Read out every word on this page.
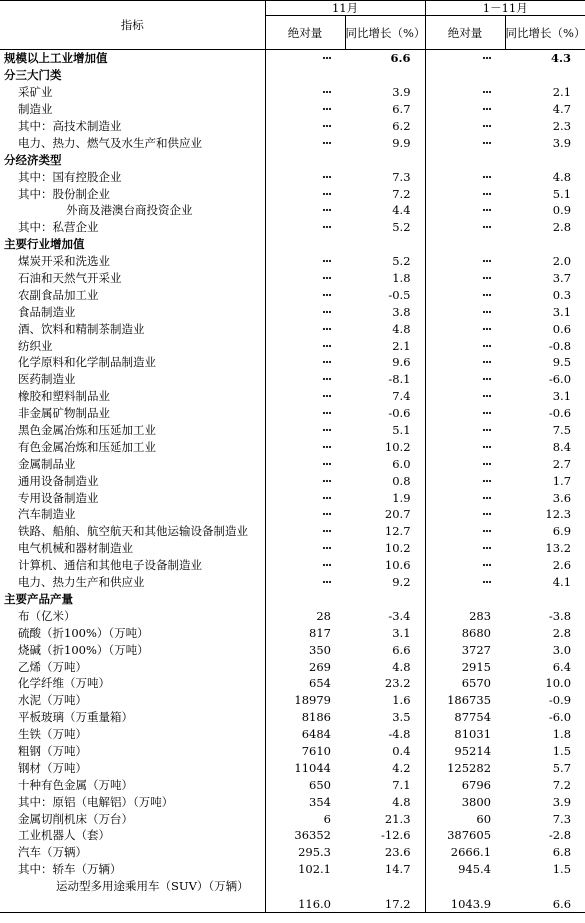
指标	11月		1－11月	
	绝对量	同比增长（%）	绝对量	同比增长（%）
规模以上工业增加值	···	6.6	···	4.3
分三大门类				
采矿业	···	3.9	···	2.1
制造业	···	6.7	···	4.7
其中：高技术制造业	···	6.2	···	2.3
电力、热力、燃气及水生产和供应业	···	9.9	···	3.9
分经济类型				
其中：国有控股企业	···	7.3	···	4.8
其中：股份制企业	···	7.2	···	5.1
外商及港澳台商投资企业	···	4.4	···	0.9
其中：私营企业	···	5.2	···	2.8
主要行业增加值				
煤炭开采和洗选业	···	5.2	···	2.0
石油和天然气开采业	···	1.8	···	3.7
农副食品加工业	···	-0.5	···	0.3
食品制造业	···	3.8	···	3.1
酒、饮料和精制茶制造业	···	4.8	···	0.6
纺织业	···	2.1	···	-0.8
化学原料和化学制品制造业	···	9.6	···	9.5
医药制造业	···	-8.1	···	-6.0
橡胶和塑料制品业	···	7.4	···	3.1
非金属矿物制品业	···	-0.6	···	-0.6
黑色金属冶炼和压延加工业	···	5.1	···	7.5
有色金属冶炼和压延加工业	···	10.2	···	8.4
金属制品业	···	6.0	···	2.7
通用设备制造业	···	0.8	···	1.7
专用设备制造业	···	1.9	···	3.6
汽车制造业	···	20.7	···	12.3
铁路、船舶、航空航天和其他运输设备制造业	···	12.7	···	6.9
电气机械和器材制造业	···	10.2	···	13.2
计算机、通信和其他电子设备制造业	···	10.6	···	2.6
电力、热力生产和供应业	···	9.2	···	4.1
主要产品产量				
布（亿米）	28	-3.4	283	-3.8
硫酸（折100%）（万吨）	817	3.1	8680	2.8
烧碱（折100%）（万吨）	350	6.6	3727	3.0
乙烯（万吨）	269	4.8	2915	6.4
化学纤维（万吨）	654	23.2	6570	10.0
水泥（万吨）	18979	1.6	186735	-0.9
平板玻璃（万重量箱）	8186	3.5	87754	-6.0
生铁（万吨）	6484	-4.8	81031	1.8
粗钢（万吨）	7610	0.4	95214	1.5
钢材（万吨）	11044	4.2	125282	5.7
十种有色金属（万吨）	650	7.1	6796	7.2
其中：原铝（电解铝）（万吨）	354	4.8	3800	3.9
金属切削机床（万台）	6	21.3	60	7.3
工业机器人（套）	36352	-12.6	387605	-2.8
汽车（万辆）	295.3	23.6	2666.1	6.8
其中：轿车（万辆）	102.1	14.7	945.4	1.5
运动型多用途乘用车（SUV）（万辆）	116.0	17.2	1043.9	6.6
